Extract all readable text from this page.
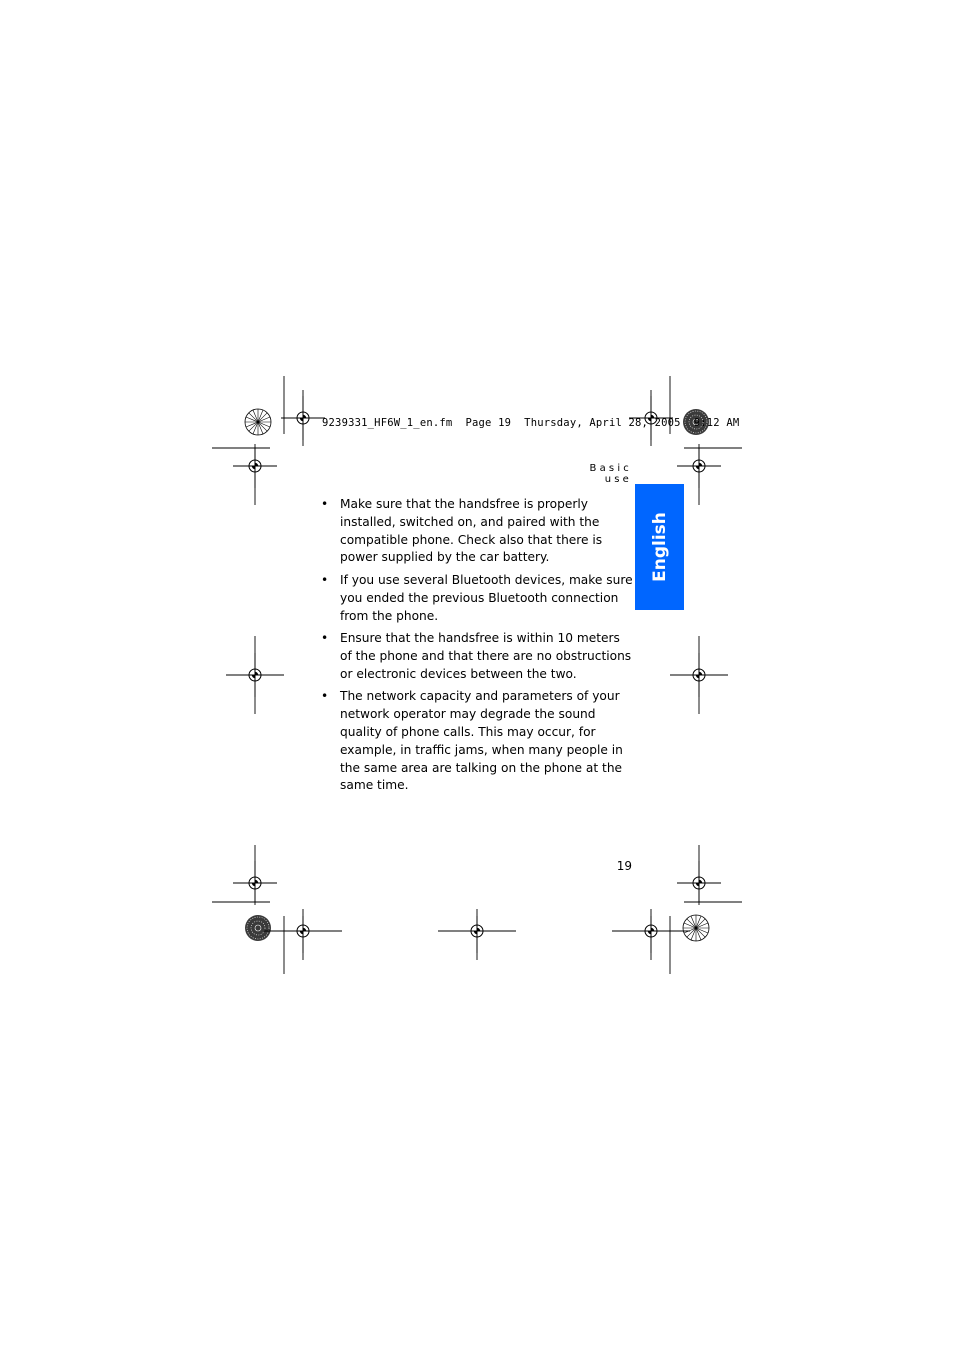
9239331_HF6W_1_en.fm  Page 19  Thursday, April 28, 2005  9:12 AM
Basic use
English
• Make sure that the handsfree is properly installed, switched on, and paired with the compatible phone. Check also that there is power supplied by the car battery.
• If you use several Bluetooth devices, make sure you ended the previous Bluetooth connection from the phone.
• Ensure that the handsfree is within 10 meters of the phone and that there are no obstructions or electronic devices between the two.
• The network capacity and parameters of your network operator may degrade the sound quality of phone calls. This may occur, for example, in traffic jams, when many people in the same area are talking on the phone at the same time.
19
